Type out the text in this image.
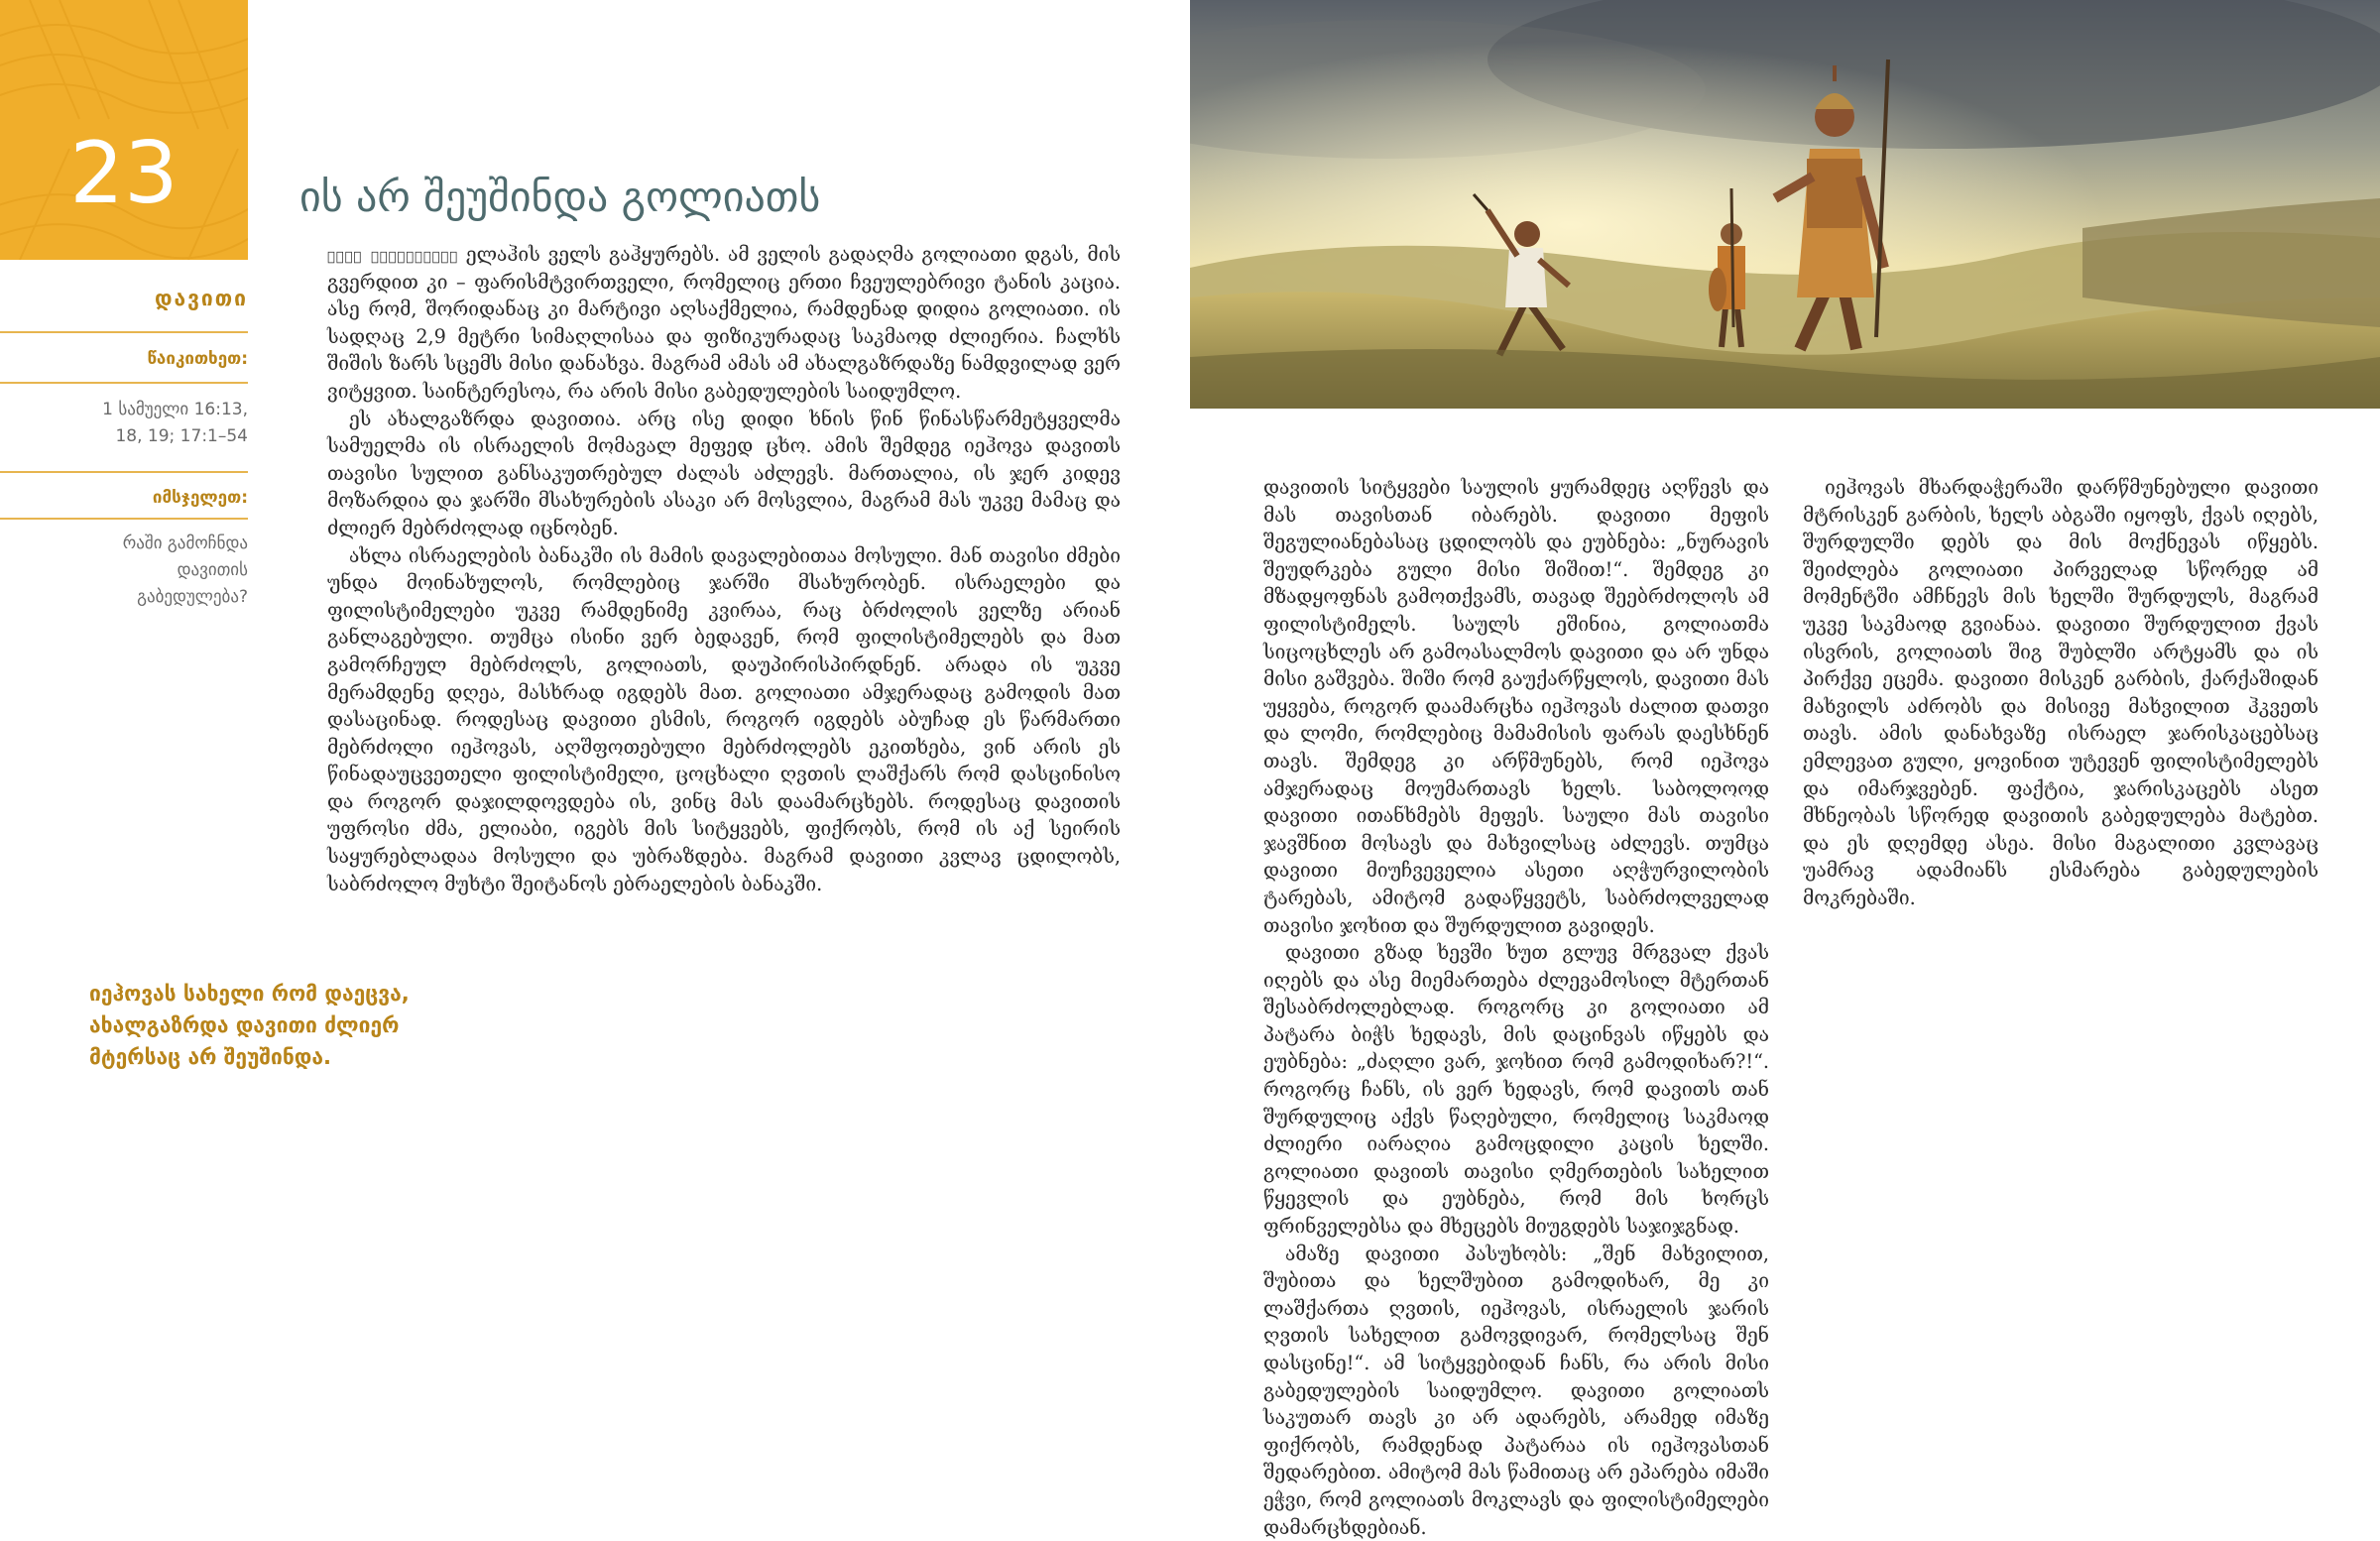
23
დავითი
წაიკითხეთ:
1 სამუელი 16:13,
18, 19; 17:1–54
იმსჯელეთ:
რაში გამოჩნდა
დავითის
გაბედულება?
იეჰოვას სახელი რომ დაეცვა, ახალგაზრდა დავითი ძლიერ მტერსაც არ შეუშინდა.
ის არ შეუშინდა გოლიათს

ერთი ახალგაზრდა ელაჰის ველს გაჰყურებს. ამ ველის გადაღმა გოლიათი დგას, მის გვერდით კი – ფარისმტვირთველი, რომელიც ერთი ჩვეულებრივი ტანის კაცია. ასე რომ, შორიდანაც კი მარტივი აღსაქმელია, რამდენად დიდია გოლიათი. ის სადღაც 2,9 მეტრი სიმაღლისაა და ფიზიკურადაც საკმაოდ ძლიერია. ჩალხს შიშის ზარს სცემს მისი დანახვა. მაგრამ ამას ამ ახალგაზრდაზე ნამდვილად ვერ ვიტყვით. საინტერესოა, რა არის მისი გაბედულების საიდუმლო.

ეს ახალგაზრდა დავითია. არც ისე დიდი ხნის წინ წინასწარმეტყველმა სამუელმა ის ისრაელის მომავალ მეფედ ცხო. ამის შემდეგ იეჰოვა დავითს თავისი სულით განსაკუთრებულ ძალას აძლევს. მართალია, ის ჯერ კიდევ მოზარდია და ჯარში მსახურების ასაკი არ მოსვლია, მაგრამ მას უკვე მამაც და ძლიერ მებრძოლად იცნობენ.

ახლა ისრაელების ბანაკში ის მამის დავალებითაა მოსული. მან თავისი ძმები უნდა მოინახულოს, რომლებიც ჯარში მსახურობენ. ისრაელები და ფილისტიმელები უკვე რამდენიმე კვირაა, რაც ბრძოლის ველზე არიან განლაგებული. თუმცა ისინი ვერ ბედავენ, რომ ფილისტიმელებს და მათ გამორჩეულ მებრძოლს, გოლიათს, დაუპირისპირდნენ. არადა ის უკვე მერამდენე დღეა, მასხრად იგდებს მათ. გოლიათი ამჯერადაც გამოდის მათ დასაცინად. როდესაც დავითი ესმის, როგორ იგდებს აბუჩად ეს წარმართი მებრძოლი იეჰოვას, აღშფოთებული მებრძოლებს ეკითხება, ვინ არის ეს წინადაუცვეთელი ფილისტიმელი, ცოცხალი ღვთის ლაშქარს რომ დასცინისო და როგორ დაჯილდოვდება ის, ვინც მას დაამარცხებს. როდესაც დავითის უფროსი ძმა, ელიაბი, იგებს მის სიტყვებს, ფიქრობს, რომ ის აქ სეირის საყურებლადაა მოსული და უბრაზდება. მაგრამ დავითი კვლავ ცდილობს, საბრძოლო მუხტი შეიტანოს ებრაელების ბანაკში.

დავითის სიტყვები საულის ყურამდეც აღწევს და მას თავისთან იბარებს. დავითი მეფის შეგულიანებასაც ცდილობს და ეუბნება: „ნურავის შეუდრკება გული მისი შიშით!“. შემდეგ კი მზადყოფნას გამოთქვამს, თავად შეებრძოლოს ამ ფილისტიმელს. საულს ეშინია, გოლიათმა სიცოცხლეს არ გამოასალმოს დავითი და არ უნდა მისი გაშვება. შიში რომ გაუქარწყლოს, დავითი მას უყვება, როგორ დაამარცხა იეჰოვას ძალით დათვი და ლომი, რომლებიც მამამისის ფარას დაესხნენ თავს. შემდეგ კი არწმუნებს, რომ იეჰოვა ამჯერადაც მოუმართავს ხელს. საბოლოოდ დავითი ითანხმებს მეფეს. საული მას თავისი ჯავშნით მოსავს და მახვილსაც აძლევს. თუმცა დავითი მიუჩვეველია ასეთი აღჭურვილობის ტარებას, ამიტომ გადაწყვეტს, საბრძოლველად თავისი ჯოხით და შურდულით გავიდეს.

დავითი გზად ხევში ხუთ გლუვ მრგვალ ქვას იღებს და ასე მიემართება ძლევამოსილ მტერთან შესაბრძოლებლად. როგორც კი გოლიათი ამ პატარა ბიჭს ხედავს, მის დაცინვას იწყებს და ეუბნება: „ძაღლი ვარ, ჯოხით რომ გამოდიხარ?!“. როგორც ჩანს, ის ვერ ხედავს, რომ დავითს თან შურდულიც აქვს წაღებული, რომელიც საკმაოდ ძლიერი იარაღია გამოცდილი კაცის ხელში. გოლიათი დავითს თავისი ღმერთების სახელით წყევლის და ეუბნება, რომ მის ხორცს ფრინველებსა და მხეცებს მიუგდებს საჯიჯგნად.

ამაზე დავითი პასუხობს: „შენ მახვილით, შუბითა და ხელშუბით გამოდიხარ, მე კი ლაშქართა ღვთის, იეჰოვას, ისრაელის ჯარის ღვთის სახელით გამოვდივარ, რომელსაც შენ დასცინე!“. ამ სიტყვებიდან ჩანს, რა არის მისი გაბედულების საიდუმლო. დავითი გოლიათს საკუთარ თავს კი არ ადარებს, არამედ იმაზე ფიქრობს, რამდენად პატარაა ის იეჰოვასთან შედარებით. ამიტომ მას წამითაც არ ეპარება იმაში ეჭვი, რომ გოლიათს მოკლავს და ფილისტიმელები დამარცხდებიან.

იეჰოვას მხარდაჭერაში დარწმუნებული დავითი მტრისკენ გარბის, ხელს აბგაში იყოფს, ქვას იღებს, შურდულში დებს და მის მოქნევას იწყებს. შეიძლება გოლიათი პირველად სწორედ ამ მომენტში ამჩნევს მის ხელში შურდულს, მაგრამ უკვე საკმაოდ გვიანაა. დავითი შურდულით ქვას ისვრის, გოლიათს შიგ შუბლში არტყამს და ის პირქვე ეცემა. დავითი მისკენ გარბის, ქარქაშიდან მახვილს აძრობს და მისივე მახვილით ჰკვეთს თავს. ამის დანახვაზე ისრაელ ჯარისკაცებსაც ემლევათ გული, ყოვინით უტევენ ფილისტიმელებს და იმარჯვებენ. ფაქტია, ჯარისკაცებს ასეთ მხნეობას სწორედ დავითის გაბედულება მატებთ. და ეს დღემდე ასეა. მისი მაგალითი კვლავაც უამრავ ადამიანს ესმარება გაბედულების მოკრებაში.
